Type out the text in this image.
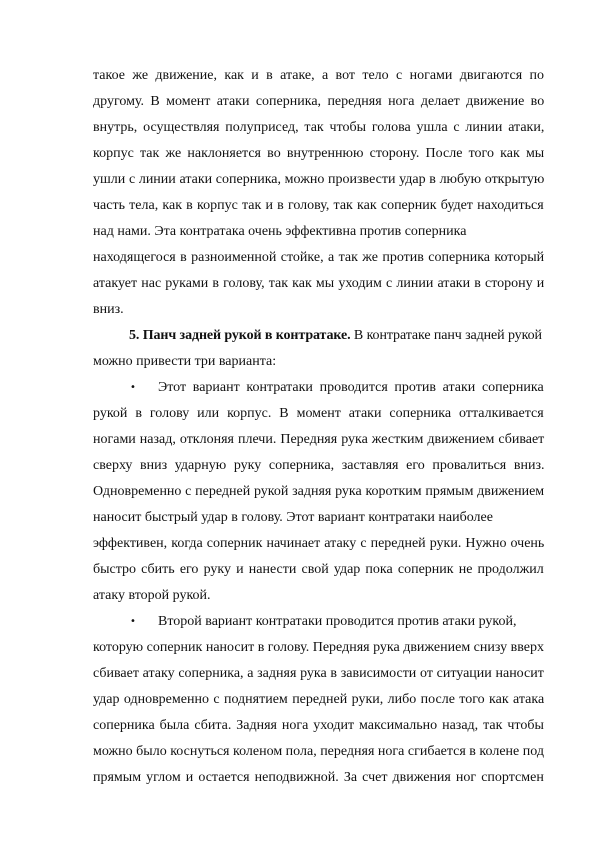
такое же движение, как и в атаке, а вот тело с ногами двигаются по

другому. В момент атаки соперника, передняя нога делает движение во

внутрь, осуществляя полуприсед, так чтобы голова ушла с линии атаки,

корпус так же наклоняется во внутреннюю сторону. После того как мы

ушли с линии атаки соперника, можно произвести удар в любую открытую

часть тела, как в корпус так и в голову, так как соперник будет находиться

над нами. Эта контратака очень эффективна против соперника

находящегося в разноименной стойке, а так же против соперника который

атакует нас руками в голову, так как мы уходим с линии атаки в сторону и

вниз.

5. Панч задней рукой в контратаке. В контратаке панч задней рукой

можно привести три варианта:

• Этот вариант контратаки проводится против атаки соперника

рукой в голову или корпус. В момент атаки соперника отталкивается

ногами назад, отклоняя плечи. Передняя рука жестким движением сбивает

сверху вниз ударную руку соперника, заставляя его провалиться вниз.

Одновременно с передней рукой задняя рука коротким прямым движением

наносит быстрый удар в голову. Этот вариант контратаки наиболее

эффективен, когда соперник начинает атаку с передней руки. Нужно очень

быстро сбить его руку и нанести свой удар пока соперник не продолжил

атаку второй рукой.

• Второй вариант контратаки проводится против атаки рукой,

которую соперник наносит в голову. Передняя рука движением снизу вверх

сбивает атаку соперника, а задняя рука в зависимости от ситуации наносит

удар одновременно с поднятием передней руки, либо после того как атака

соперника была сбита. Задняя нога уходит максимально назад, так чтобы

можно было коснуться коленом пола, передняя нога сгибается в колене под

прямым углом и остается неподвижной. За счет движения ног спортсмен
